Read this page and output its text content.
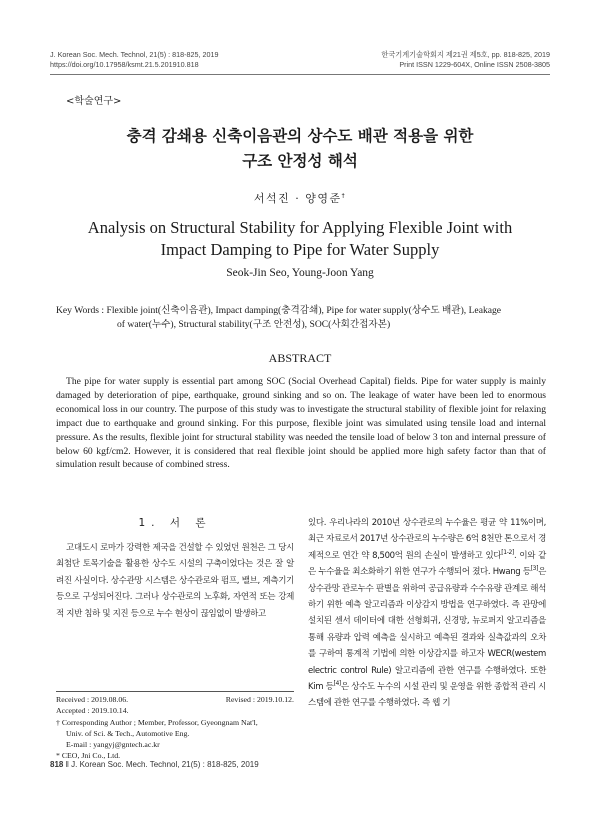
J. Korean Soc. Mech. Technol, 21(5) : 818-825, 2019
https://doi.org/10.17958/ksmt.21.5.201910.818
한국기계기술학회지 제21권 제5호, pp. 818-825, 2019
Print ISSN 1229-604X, Online ISSN 2508-3805
<학술연구>
충격 감쇄용 신축이음관의 상수도 배관 적용을 위한
구조 안정성 해석
서석진 · 양영준†
Analysis on Structural Stability for Applying Flexible Joint with
Impact Damping to Pipe for Water Supply
Seok-Jin Seo, Young-Joon Yang
Key Words : Flexible joint(신축이음관), Impact damping(충격감쇄), Pipe for water supply(상수도 배관), Leakage
of water(누수), Structural stability(구조 안전성), SOC(사회간접자본)
ABSTRACT

The pipe for water supply is essential part among SOC (Social Overhead Capital) fields. Pipe for water supply is mainly damaged by deterioration of pipe, earthquake, ground sinking and so on. The leakage of water have been led to enormous economical loss in our country. The purpose of this study was to investigate the structural stability of flexible joint for relaxing impact due to earthquake and ground sinking. For this purpose, flexible joint was simulated using tensile load and internal pressure. As the results, flexible joint for structural stability was needed the tensile load of below 3 ton and internal pressure of below 60 kgf/cm2. However, it is considered that real flexible joint should be applied more high safety factor than that of simulation result because of combined stress.

1. 서 론

고대도시 로마가 강력한 제국을 건설할 수 있었던 원천은 그 당시 최첨단 토목기술을 활용한 상수도 시설의 구축이었다는 것은 잘 알려진 사실이다. 상수관망 시스템은 상수관로와 펌프, 밸브, 계측기기 등으로 구성되어진다. 그러나 상수관로의 노후화, 자연적 또는 강제적 지반 침하 및 지진 등으로 누수 현상이 끊임없이 발생하고

있다. 우리나라의 2010년 상수관로의 누수율은 평균 약 11%이며, 최근 자료로서 2017년 상수관로의 누수량은 6억 8천만 톤으로서 경제적으로 연간 약 8,500억 원의 손실이 발생하고 있다[1-2]. 이와 같은 누수율을 최소화하기 위한 연구가 수행되어 졌다. Hwang 등[3]은 상수관망 관로누수 판별을 위하여 공급유량과 수수유량 관계로 해석하기 위한 예측 알고리즘과 이상감지 방법을 연구하였다. 즉 관망에 설치된 센서 데이터에 대한 선형회귀, 신경망, 뉴로퍼지 알고리즘을 통해 유량과 압력 예측을 실시하고 예측된 결과와 실측값과의 오차를 구하여 통계적 기법에 의한 이상감지를 하고자 WECR(westem electric control Rule) 알고리즘에 관한 연구를 수행하였다. 또한 Kim 등[4]은 상수도 누수의 시설 관리 및 운영을 위한 종합적 관리 시스템에 관한 연구를 수행하였다. 즉 웹 기

Received : 2019.08.06.	Revised : 2019.10.12.
Accepted : 2019.10.14.
† Corresponding Author ; Member, Professor, Gyeongnam Nat'l,
Univ. of Sci. & Tech., Automotive Eng.
E-mail : yangyj@gntech.ac.kr
* CEO, Jni Co., Ltd.
818 ‖ J. Korean Soc. Mech. Technol, 21(5) : 818-825, 2019
